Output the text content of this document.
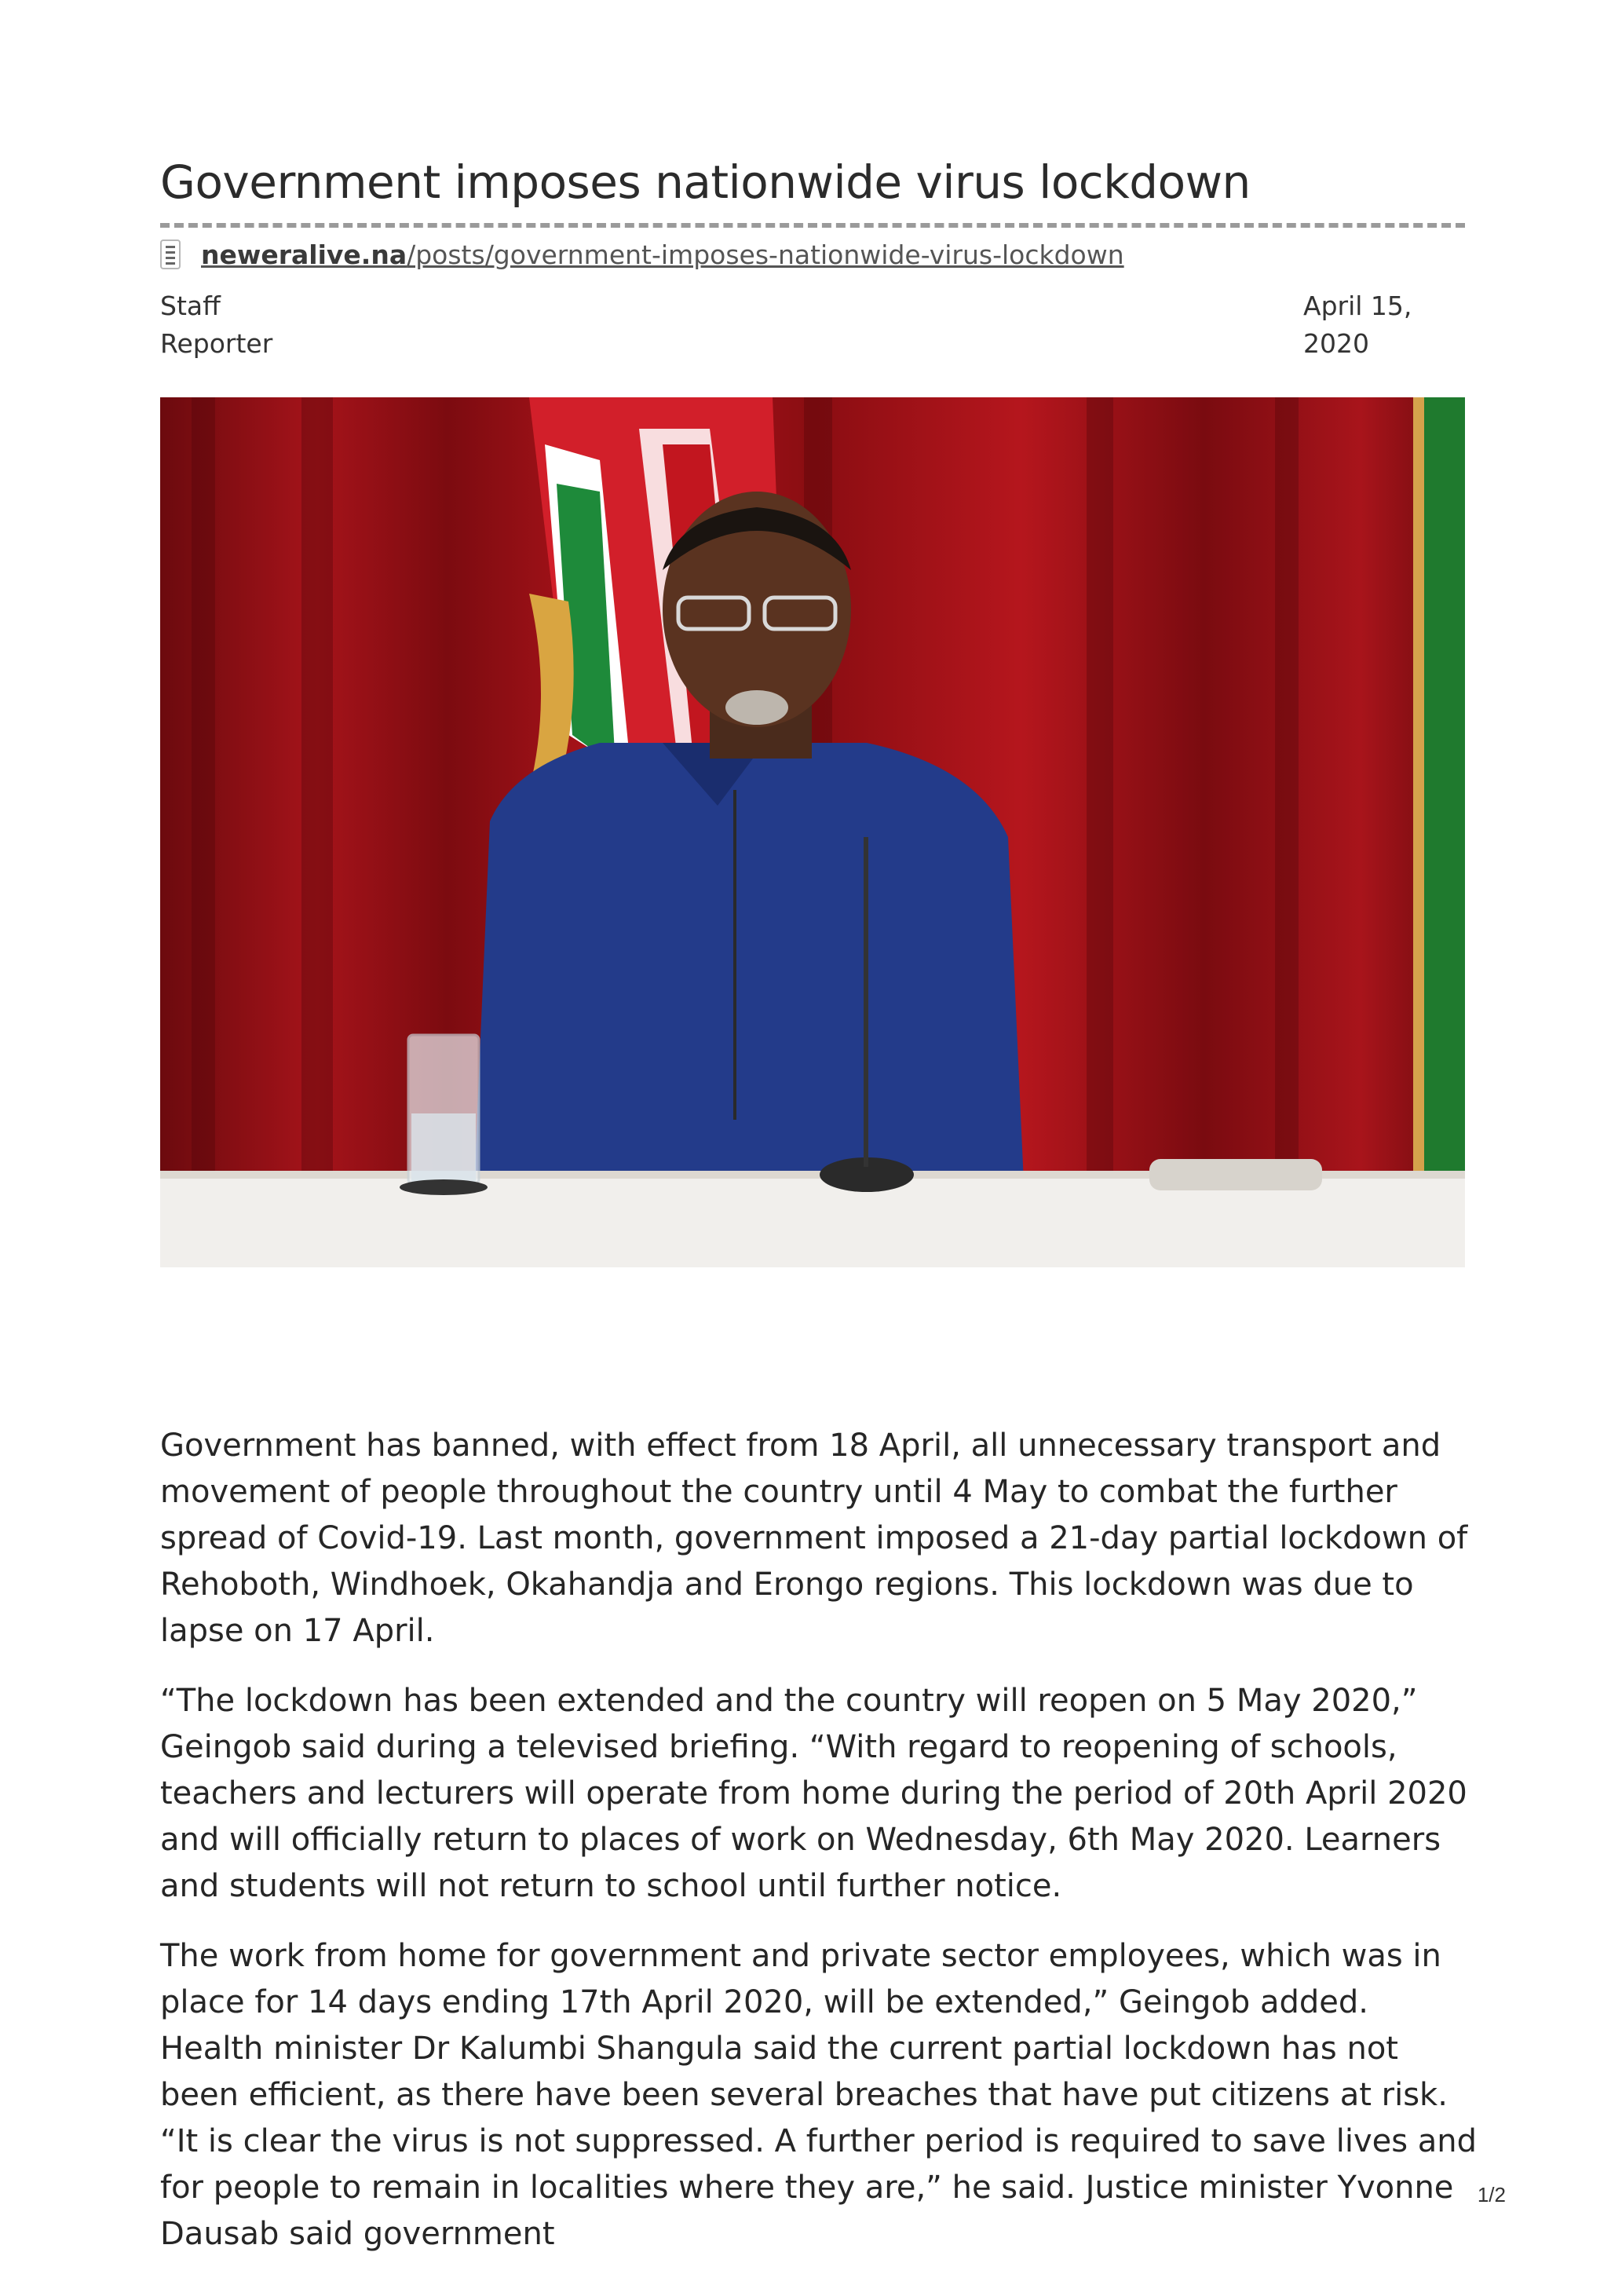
Government imposes nationwide virus lockdown
neweralive.na/posts/government-imposes-nationwide-virus-lockdown
Staff
Reporter
April 15,
2020

Government has banned, with effect from 18 April, all unnecessary transport and movement of people throughout the country until 4 May to combat the further spread of Covid-19. Last month, government imposed a 21-day partial lockdown of Rehoboth, Windhoek, Okahandja and Erongo regions. This lockdown was due to lapse on 17 April.

“The lockdown has been extended and the country will reopen on 5 May 2020,” Geingob said during a televised briefing. “With regard to reopening of schools, teachers and lecturers will operate from home during the period of 20th April 2020 and will officially return to places of work on Wednesday, 6th May 2020. Learners and students will not return to school until further notice.

The work from home for government and private sector employees, which was in place for 14 days ending 17th April 2020, will be extended,” Geingob added. Health minister Dr Kalumbi Shangula said the current partial lockdown has not been efficient, as there have been several breaches that have put citizens at risk. “It is clear the virus is not suppressed. A further period is required to save lives and for people to remain in localities where they are,” he said. Justice minister Yvonne Dausab said government

1/2
